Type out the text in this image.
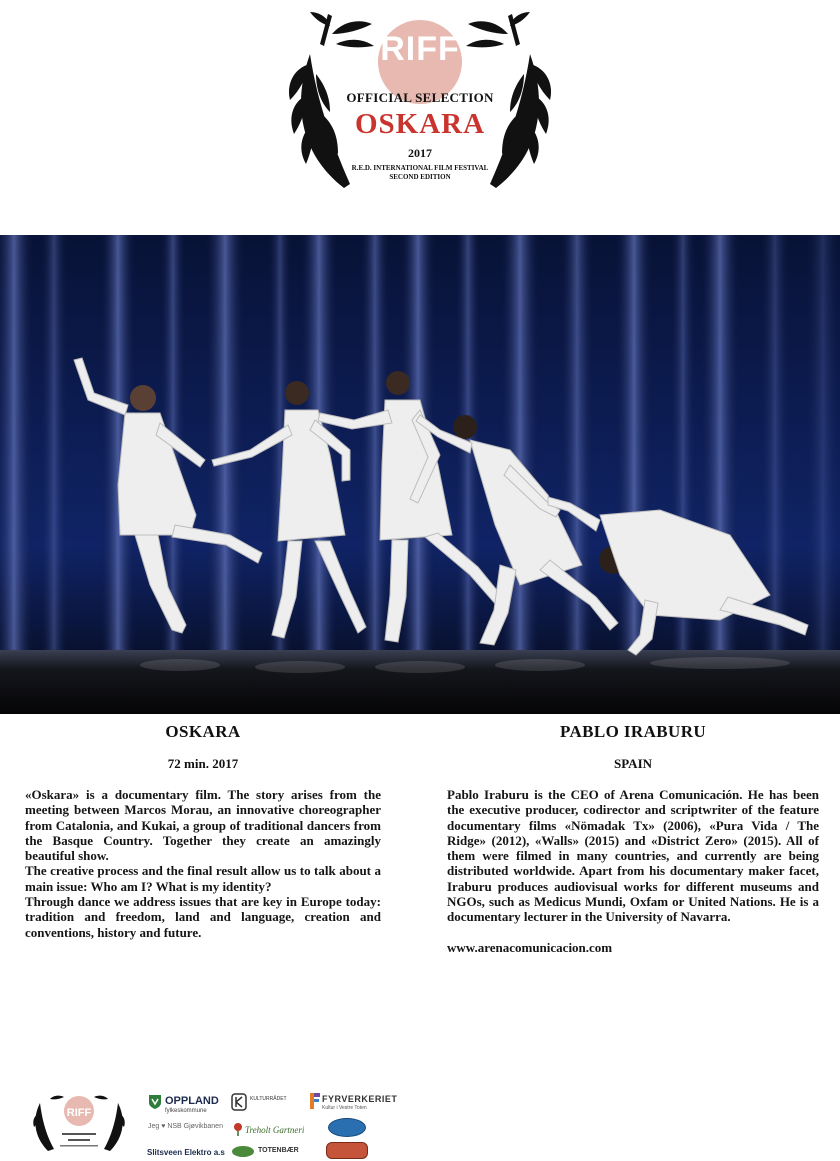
RIFF
OFFICIAL SELECTION
OSKARA
2017
R.E.D. INTERNATIONAL FILM FESTIVAL
SECOND EDITION
OSKARA
72 min. 2017

«Oskara» is a documentary film. The story arises from the meeting between Marcos Morau, an innovative choreographer from Catalonia, and Kukai, a group of traditional dancers from the Basque Country. Together they create an amazingly beautiful show.

The creative process and the final result allow us to talk about a main issue: Who am I? What is my identity?

Through dance we address issues that are key in Europe today: tradition and freedom, land and language, creation and conventions, history and future.

PABLO IRABURU
SPAIN

Pablo Iraburu is the CEO of Arena Comunicación. He has been the executive producer, codirector and scriptwriter of the feature documentary films «Nömadak Tx» (2006), «Pura Vida / The Ridge» (2012), «Walls» (2015) and «District Zero» (2015). All of them were filmed in many countries, and currently are being distributed worldwide. Apart from his documentary maker facet, Iraburu produces audiovisual works for different museums and NGOs, such as Medicus Mundi, Oxfam or United Nations. He is a documentary lecturer in the University of Navarra.

www.arenacomunicacion.com

RIFF
OPPLAND
fylkeskommune
Jeg ♥ NSB Gjøvikbanen
Slitsveen Elektro a.s
KULTURRÅDET
Treholt Gartneri
TOTENBÆR
FYRVERKERIET
Kultur i Vestre Toten
